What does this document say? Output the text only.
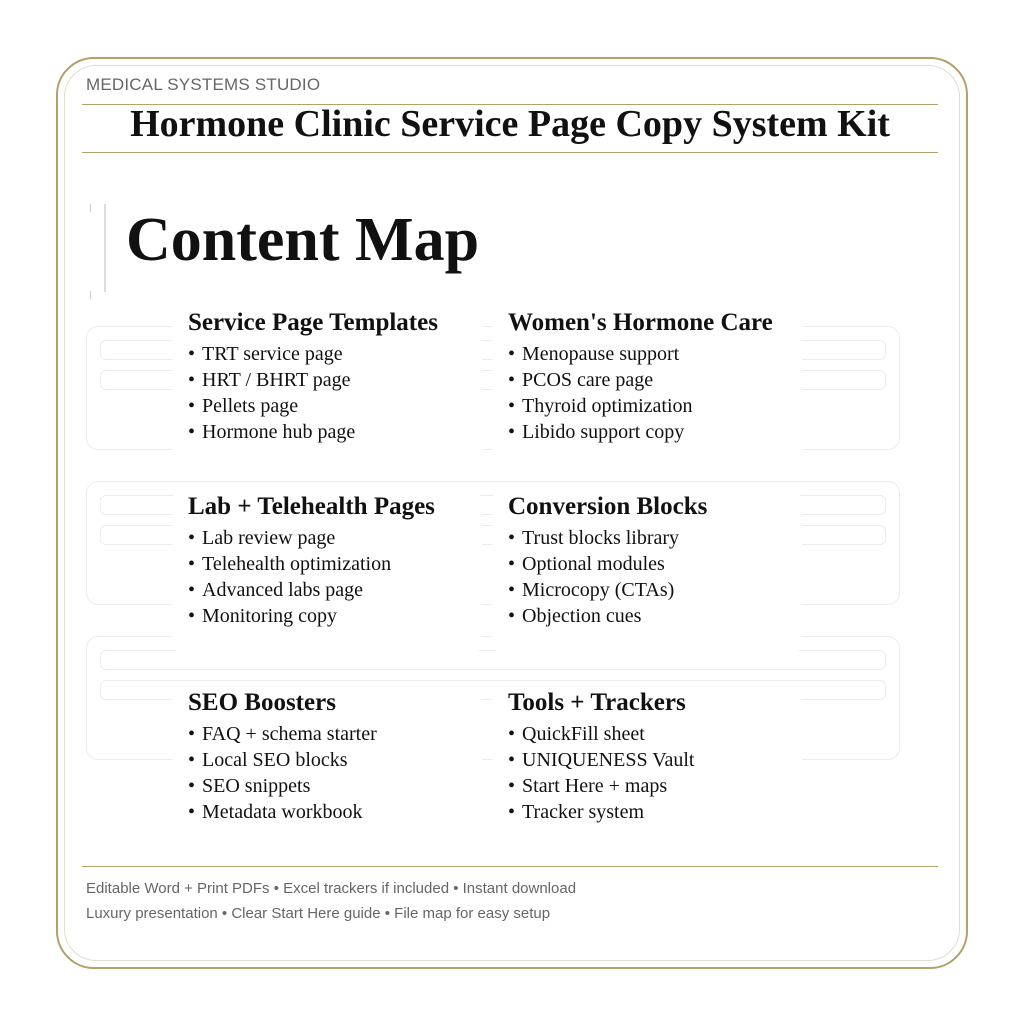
MEDICAL SYSTEMS STUDIO
Hormone Clinic Service Page Copy System Kit
Content Map
Service Page Templates
• TRT service page
• HRT / BHRT page
• Pellets page
• Hormone hub page
Women's Hormone Care
• Menopause support
• PCOS care page
• Thyroid optimization
• Libido support copy
Lab + Telehealth Pages
• Lab review page
• Telehealth optimization
• Advanced labs page
• Monitoring copy
Conversion Blocks
• Trust blocks library
• Optional modules
• Microcopy (CTAs)
• Objection cues
SEO Boosters
• FAQ + schema starter
• Local SEO blocks
• SEO snippets
• Metadata workbook
Tools + Trackers
• QuickFill sheet
• UNIQUENESS Vault
• Start Here + maps
• Tracker system
Editable Word + Print PDFs • Excel trackers if included • Instant download
Luxury presentation • Clear Start Here guide • File map for easy setup
